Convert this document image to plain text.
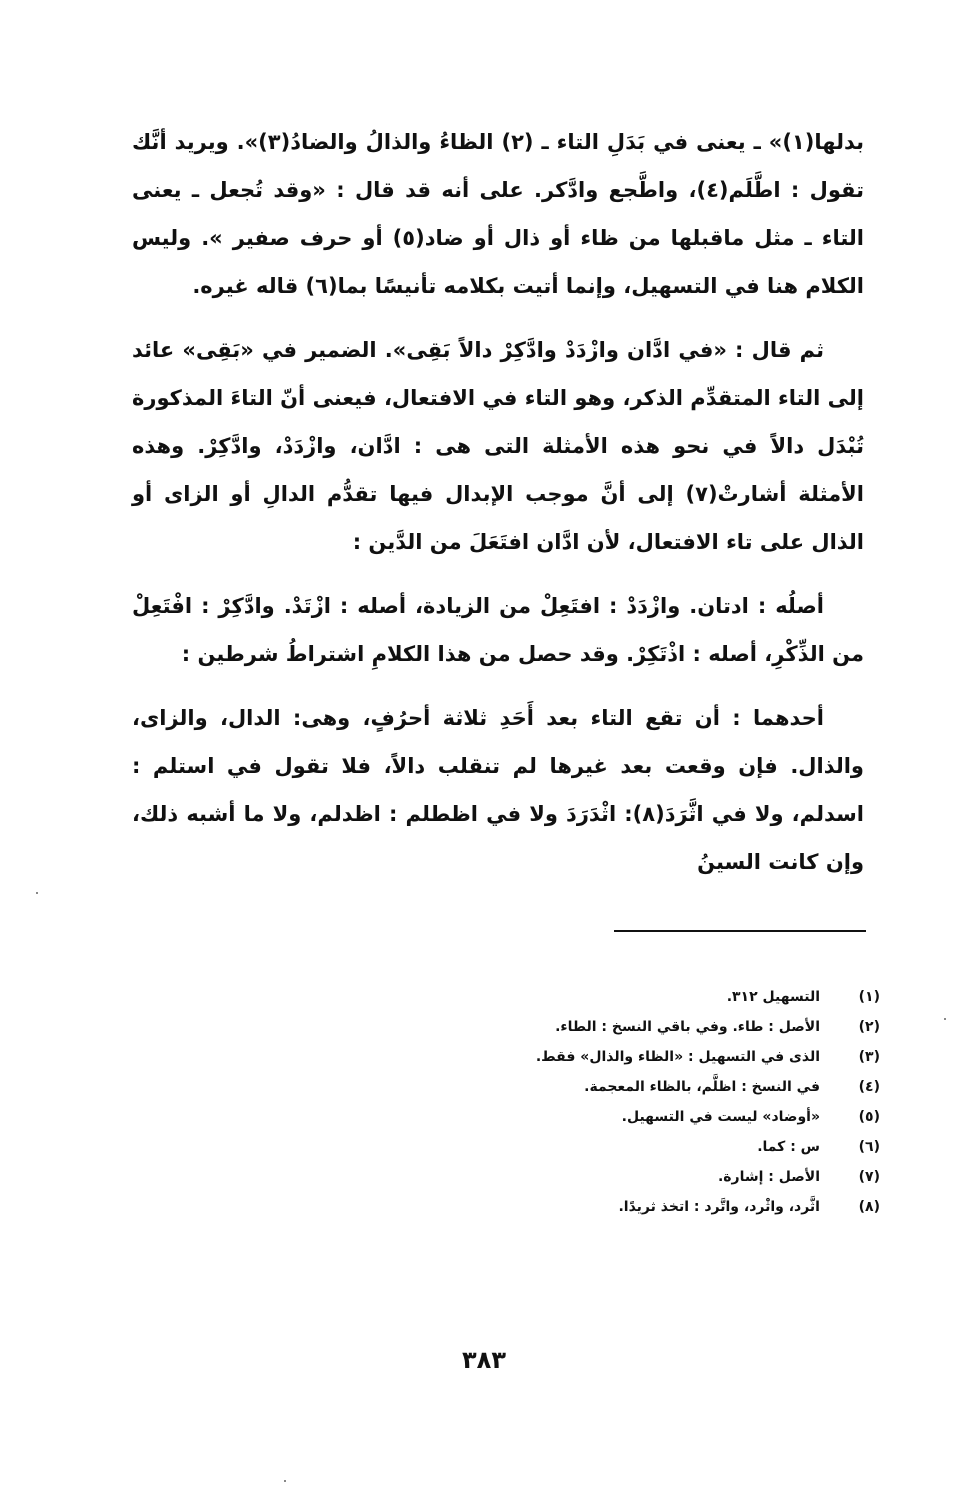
بدلها(١)» ـ يعنى في بَدَلِ التاء ـ (٢) الظاءُ والذالُ والضادُ(٣)». ويريد أنَّك تقول : اطَّلَم(٤)، واطَّجع وادَّكر. على أنه قد قال : «وقد تُجعل ـ يعنى التاء ـ مثل ماقبلها من ظاء أو ذال أو ضاد(٥) أو حرف صفير ». وليس الكلام هنا في التسهيل، وإنما أتيت بكلامه تأنيسًا بما(٦) قاله غيره.

ثم قال : «في ادَّان وازْدَدْ وادَّكِرْ دالاً بَقِى». الضمير في «بَقِى» عائد إلى التاء المتقدِّم الذكر، وهو التاء في الافتعال، فيعنى أنّ التاءَ المذكورة تُبْدَل دالاً في نحو هذه الأمثلة التى هى : ادَّان، وازْدَدْ، وادَّكِرْ. وهذه الأمثلة أشارتْ(٧) إلى أنَّ موجب الإبدال فيها تقدُّم الدالِ أو الزاى أو الذال على تاء الافتعال، لأن ادَّان افتَعَلَ من الدَّين :

أصلُه : ادتان. وازْدَدْ : افتَعِلْ من الزيادة، أصله : ازْتَدْ. وادَّكِرْ : افْتَعِلْ من الذِّكْرِ، أصله : اذْتَكِرْ. وقد حصل من هذا الكلامِ اشتراطُ شرطين :

أحدهما : أن تقع التاء بعد أَحَدِ ثلاثة أحرُفٍ، وهى: الدال، والزاى، والذال. فإن وقعت بعد غيرها لم تنقلب دالاً، فلا تقول في استلم : اسدلم، ولا في اثَّرَدَ(٨): اثْدَرَدَ ولا في اظطلم : اظدلم، ولا ما أشبه ذلك، وإن كانت السينُ

(١)التسهيل ٣١٢.
(٢)الأصل : طاء. وفي باقي النسخ : الطاء.
(٣)الذى في التسهيل : «الظاء والذال» فقط.
(٤)في النسخ : اظلَّم، بالظاء المعجمة.
(٥)«أوضاد» ليست في التسهيل.
(٦)س : كما.
(٧)الأصل : إشارة.
(٨)اثَّرد، واثْرد، واتَّرد : اتخذ ثريدًا.
٣٨٣
